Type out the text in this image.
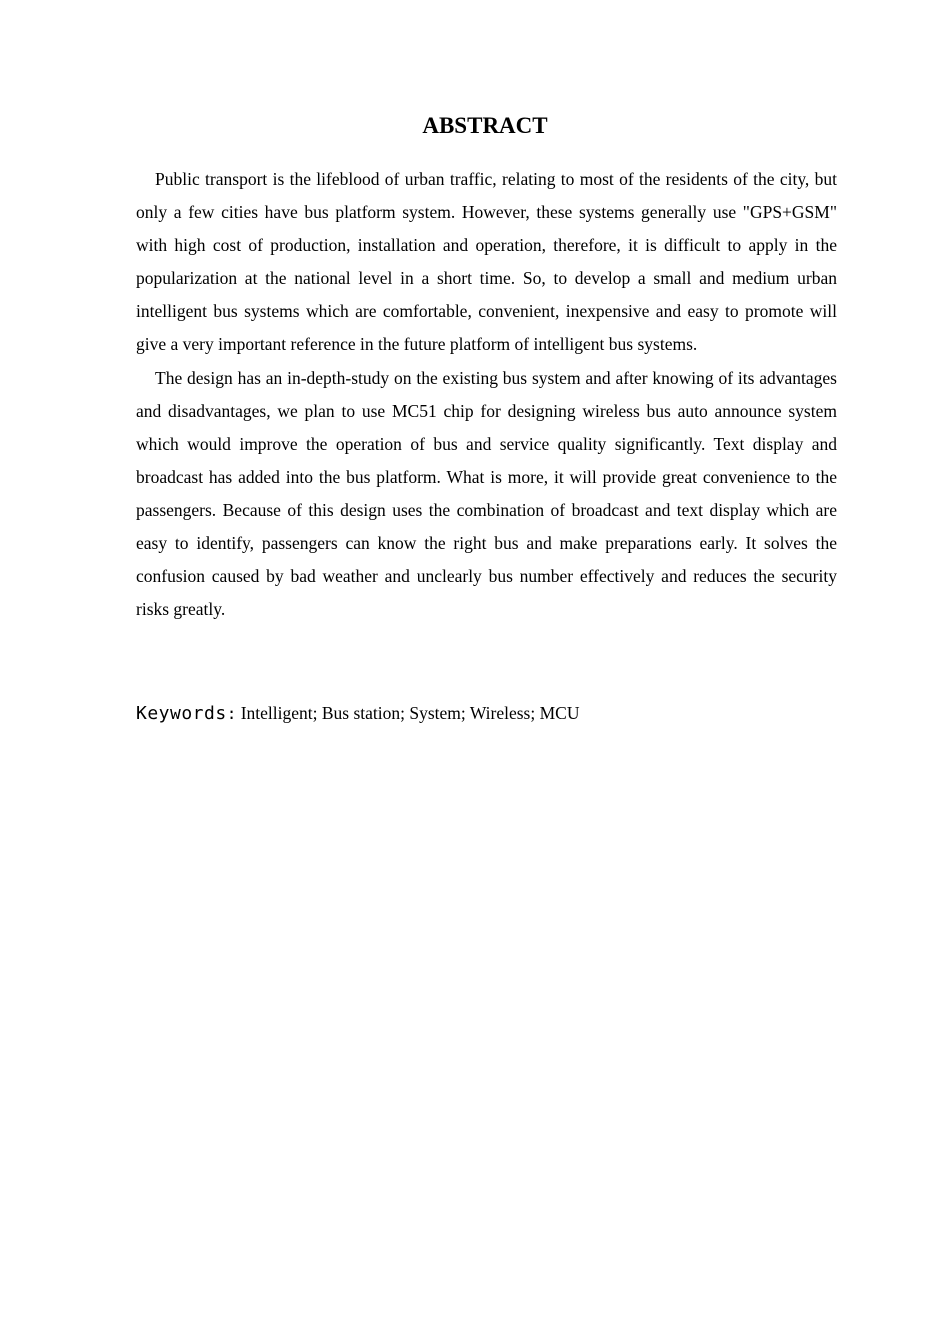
ABSTRACT

Public transport is the lifeblood of urban traffic, relating to most of the residents of the city, but only a few cities have bus platform system. However, these systems generally use "GPS+GSM" with high cost of production, installation and operation, therefore, it is difficult to apply in the popularization at the national level in a short time. So, to develop a small and medium urban intelligent bus systems which are comfortable, convenient, inexpensive and easy to promote will give a very important reference in the future platform of intelligent bus systems.

The design has an in-depth-study on the existing bus system and after knowing of its advantages and disadvantages, we plan to use MC51 chip for designing wireless bus auto announce system which would improve the operation of bus and service quality significantly. Text display and broadcast has added into the bus platform. What is more, it will provide great convenience to the passengers. Because of this design uses the combination of broadcast and text display which are easy to identify, passengers can know the right bus and make preparations early. It solves the confusion caused by bad weather and unclearly bus number effectively and reduces the security risks greatly.

Keywords: Intelligent; Bus station; System; Wireless; MCU
